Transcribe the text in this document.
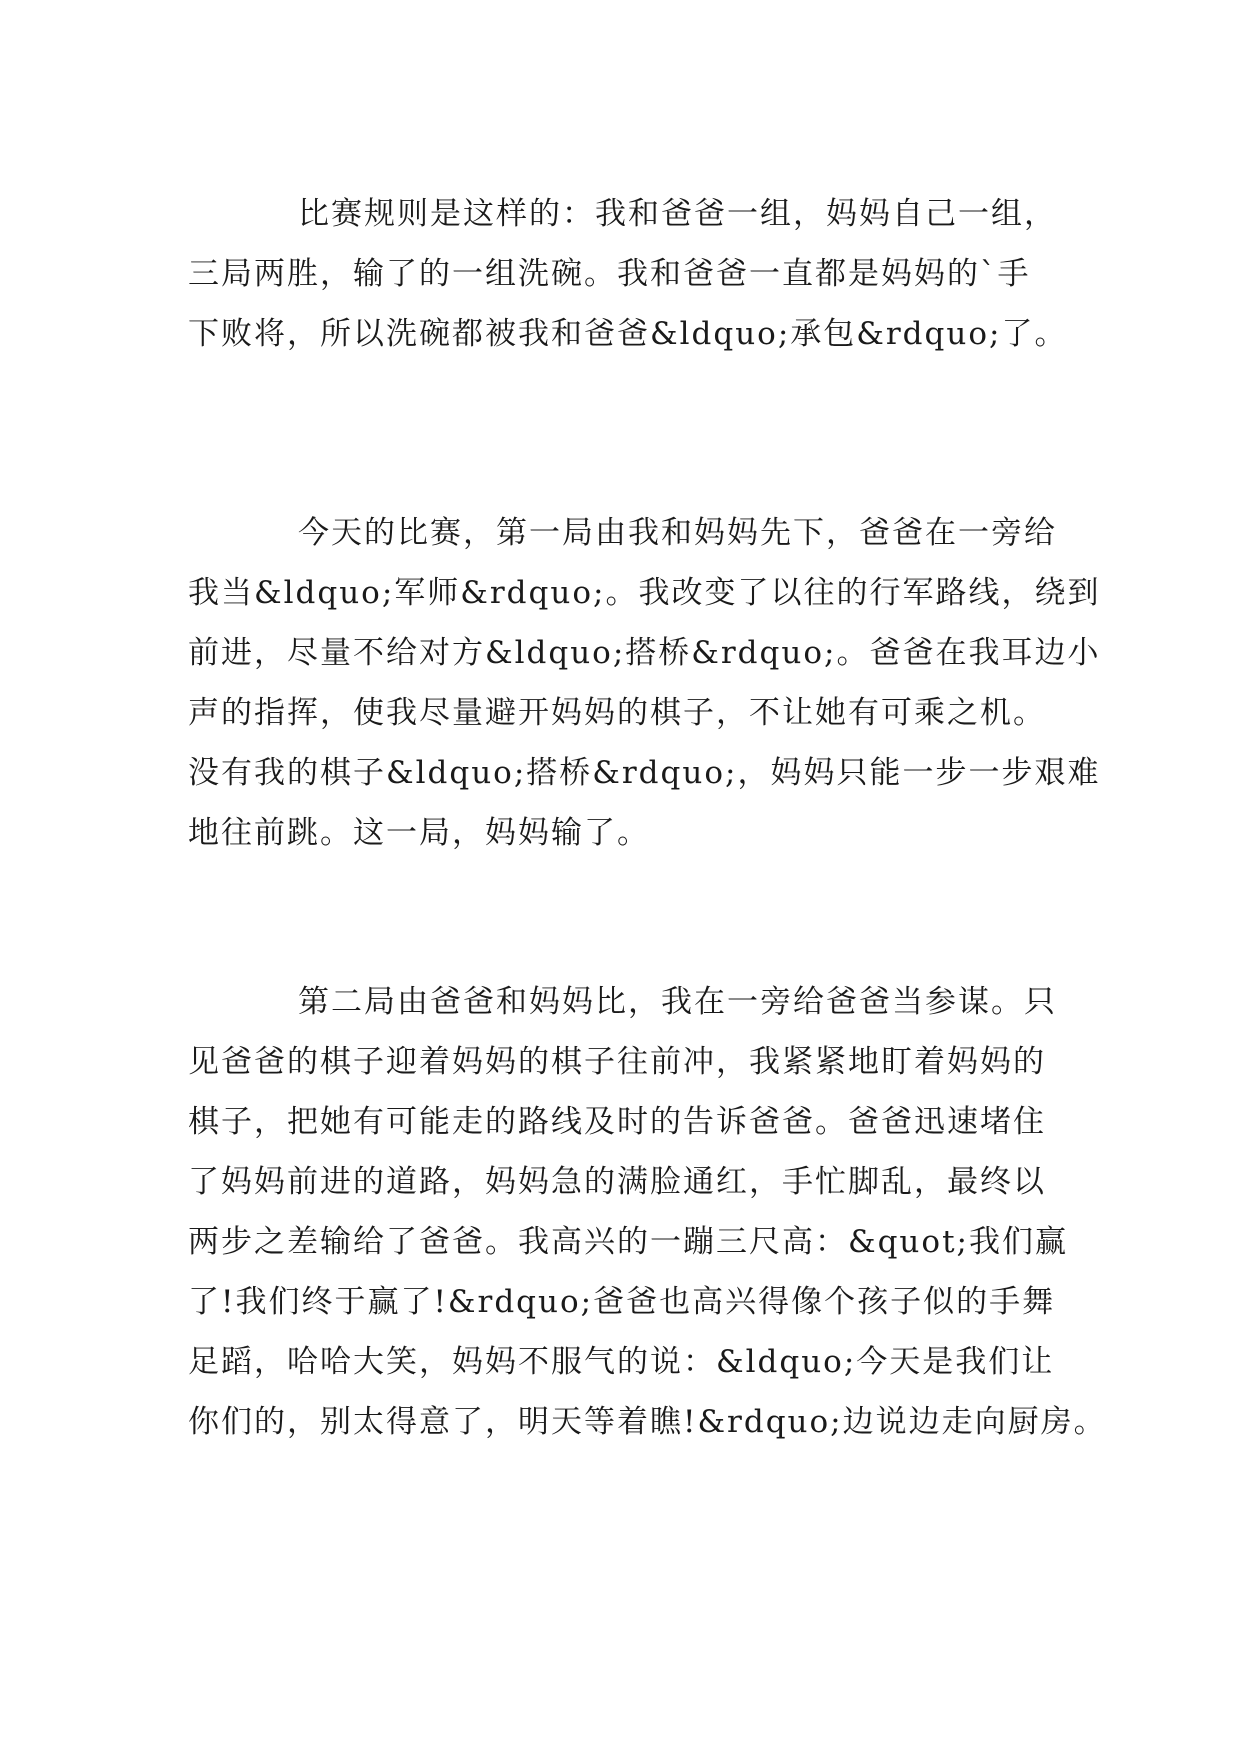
比赛规则是这样的：我和爸爸一组，妈妈自己一组，
三局两胜，输了的一组洗碗。我和爸爸一直都是妈妈的`手
下败将，所以洗碗都被我和爸爸&ldquo;承包&rdquo;了。

今天的比赛，第一局由我和妈妈先下，爸爸在一旁给
我当&ldquo;军师&rdquo;。我改变了以往的行军路线，绕到
前进，尽量不给对方&ldquo;搭桥&rdquo;。爸爸在我耳边小
声的指挥，使我尽量避开妈妈的棋子，不让她有可乘之机。
没有我的棋子&ldquo;搭桥&rdquo;，妈妈只能一步一步艰难
地往前跳。这一局，妈妈输了。

第二局由爸爸和妈妈比，我在一旁给爸爸当参谋。只
见爸爸的棋子迎着妈妈的棋子往前冲，我紧紧地盯着妈妈的
棋子，把她有可能走的路线及时的告诉爸爸。爸爸迅速堵住
了妈妈前进的道路，妈妈急的满脸通红，手忙脚乱，最终以
两步之差输给了爸爸。我高兴的一蹦三尺高：&quot;我们赢
了!我们终于赢了!&rdquo;爸爸也高兴得像个孩子似的手舞
足蹈，哈哈大笑，妈妈不服气的说：&ldquo;今天是我们让
你们的，别太得意了，明天等着瞧!&rdquo;边说边走向厨房。
